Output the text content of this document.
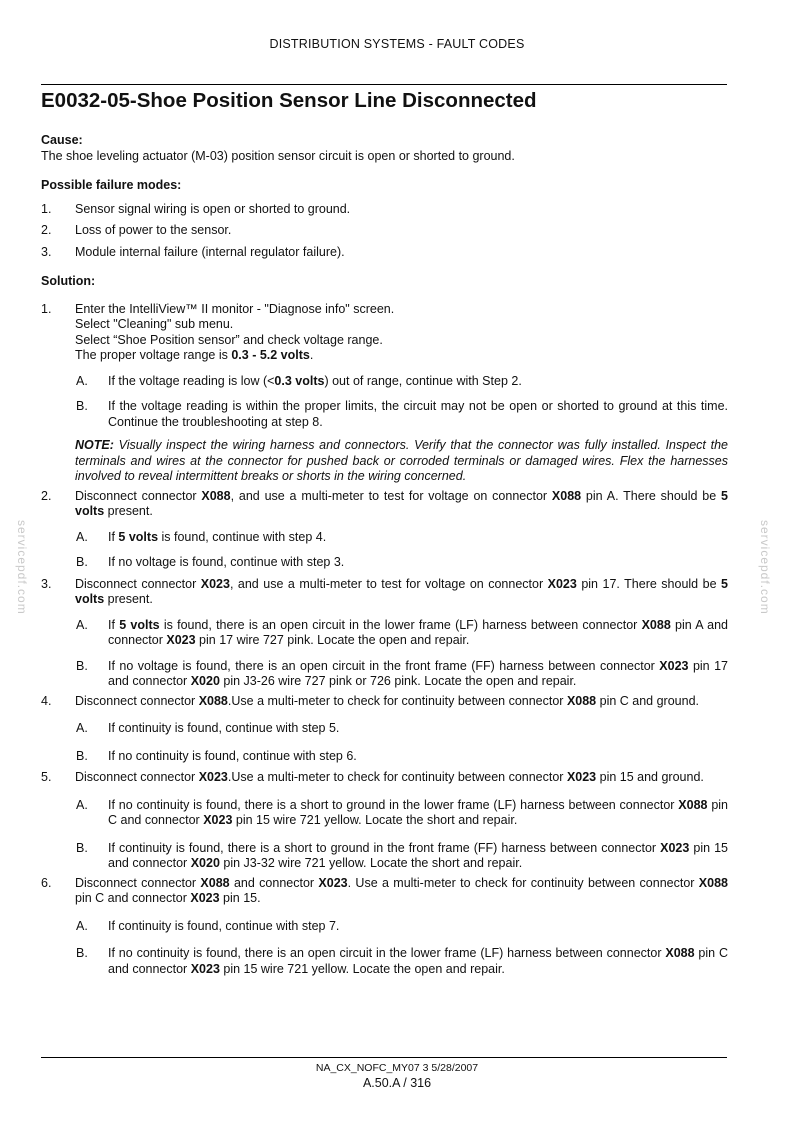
DISTRIBUTION SYSTEMS - FAULT CODES
E0032-05-Shoe Position Sensor Line Disconnected
servicepdf.com	servicepdf.com

Cause:

The shoe leveling actuator (M-03) position sensor circuit is open or shorted to ground.

Possible failure modes:

1. Sensor signal wiring is open or shorted to ground.
2. Loss of power to the sensor.
3. Module internal failure (internal regulator failure).

Solution:

1. Enter the IntelliView™ II monitor - "Diagnose info" screen.
Select "Cleaning" sub menu.
Select “Shoe Position sensor” and check voltage range.
The proper voltage range is 0.3 - 5.2 volts.
A. If the voltage reading is low (<0.3 volts) out of range, continue with Step 2.
B. If the voltage reading is within the proper limits, the circuit may not be open or shorted to ground at this time. Continue the troubleshooting at step 8.
NOTE: Visually inspect the wiring harness and connectors. Verify that the connector was fully installed. Inspect the terminals and wires at the connector for pushed back or corroded terminals or damaged wires. Flex the harnesses involved to reveal intermittent breaks or shorts in the wiring concerned.
2. Disconnect connector X088, and use a multi-meter to test for voltage on connector X088 pin A. There should be 5 volts present.
A. If 5 volts is found, continue with step 4.
B. If no voltage is found, continue with step 3.
3. Disconnect connector X023, and use a multi-meter to test for voltage on connector X023 pin 17. There should be 5 volts present.
A. If 5 volts is found, there is an open circuit in the lower frame (LF) harness between connector X088 pin A and connector X023 pin 17 wire 727 pink. Locate the open and repair.
B. If no voltage is found, there is an open circuit in the front frame (FF) harness between connector X023 pin 17 and connector X020 pin J3-26 wire 727 pink or 726 pink. Locate the open and repair.
4. Disconnect connector X088.Use a multi-meter to check for continuity between connector X088 pin C and ground.
A. If continuity is found, continue with step 5.
B. If no continuity is found, continue with step 6.
5. Disconnect connector X023.Use a multi-meter to check for continuity between connector X023 pin 15 and ground.
A. If no continuity is found, there is a short to ground in the lower frame (LF) harness between connector X088 pin C and connector X023 pin 15 wire 721 yellow. Locate the short and repair.
B. If continuity is found, there is a short to ground in the front frame (FF) harness between connector X023 pin 15 and connector X020 pin J3-32 wire 721 yellow. Locate the short and repair.
6. Disconnect connector X088 and connector X023. Use a multi-meter to check for continuity between connector X088 pin C and connector X023 pin 15.
A. If continuity is found, continue with step 7.
B. If no continuity is found, there is an open circuit in the lower frame (LF) harness between connector X088 pin C and connector X023 pin 15 wire 721 yellow. Locate the open and repair.
NA_CX_NOFC_MY07 3 5/28/2007
A.50.A / 316
